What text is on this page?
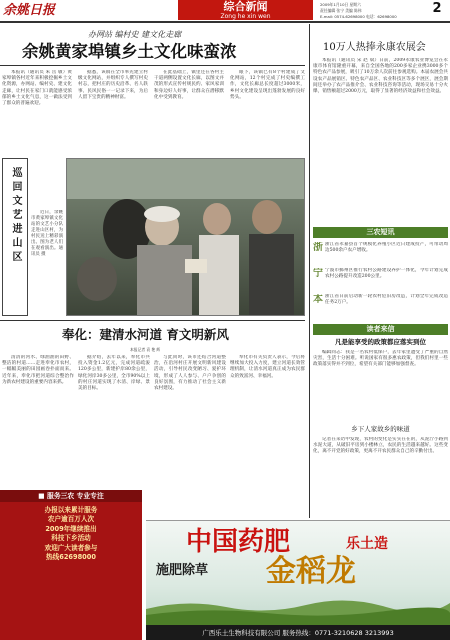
余姚日报	2009年1月10日 星期六
责任编辑 张宁 美编 陈伟
E-mail: 0574-62698000 电话：62698000
综合新闻
Zong he xin wen
2
办网站 编村史 建文化走廊
余姚黄家埠镇乡土文化味蛮浓

本报讯（通讯员 朱 岳 敏）黄家埠镇各村近年来积极挖掘乡土文化资源，办网站、编村史、建文化走廊，让村民在家门口就能感受浓郁的乡土文化气息，这一做法受到了群众的普遍欢迎。

据悉，该镇在全市率先建立村级文化网站，并组织专人撰写村史村志，把村庄的历史沿革、名人轶事、民风民俗一一记录下来，为后人留下宝贵的精神财富。

在此基础上，镇里还在各村主干道两侧设置文化长廊，以图文并茂的形式宣传村规民约、家风家训和身边好人好事，让群众在潜移默化中受到教育。

眼下，该镇已有8个村建成了文化网站，12个村完成了村史编撰工作，文化长廊总长度超过3000米，乡村文化建设呈现出蓬勃发展的良好势头。

巡回文艺进山区	近日，余姚市黄家埠镇文化站的文艺小分队走进山区村，为村民送上精彩演出。图为老人们在观看演出。通讯员 摄

奉化：建清水河道 育文明新风
本报记者 袁 艳 辉

清清的河水、绿油油的田野、整洁的村道……走进奉化市农村，一幅幅美丽的田园画卷扑面而来。近年来，奉化市把河道综合整治作为新农村建设的重要内容来抓。

据介绍，去年以来，奉化市共投入资金1.2亿元，完成河道疏浚120多公里，新建护岸80余公里，绿化河岸30多公里，全市90%以上的村庄河道实现了水清、岸绿、景美的目标。

与此同时，该市还结合河道整治，在沿河村庄开展文明新风建设活动，引导村民改变陋习、爱护环境，形成了人人参与、户户争创的良好氛围，有力推动了社会主义新农村建设。

奉化市有关负责人表示，今后将继续加大投入力度，建立河道长效管理机制，让清水河道真正成为农民群众的致富河、幸福河。

10万人热捧永康农展会

本报讯（通讯员 宋 赵 斌）日前，2009永康农业博览会在永康市体育馆隆重开幕，来自全国各地的200多家企业携3000多个特色农产品参展，吸引了10万余人次前往参观选购。本届农展会共设农产品展销区、特色农产品区、农业科技区等多个展区，展会期间还举办了农产品推介会、农业科技咨询等活动，现场交易十分火爆，销售额超过2000万元，取得了显著的经济效益和社会效益。

三农短讯
浙浙江省永嘉县首个规模化养殖小区近日建成投产，可带动周边500余户农户增收。
宁宁波市鄞州区推行农村公路建设养护一体化，今年计划完成农村公路提升改造200公里。
本浙江省日前启动新一轮农村危旧房改造，计划全年完成改造任务2万户。
读者来信
凡是能享受的政策都应落实到位

编辑同志：我是一名农村低保户，去年家里遭受了严重的自然灾害，生活十分困难。听说国家有很多惠农政策，但我们村里一些政策落实得并不到位，希望有关部门能够加强督查。

乡下人家故乡的味道

记者在采访中发现，农村的变化是实实在在的，从泥泞小路到水泥大道，从破旧平房到小楼林立，农民的生活越来越好。这些变化，离不开党的好政策，更离不开农民群众自己的辛勤付出。

■ 服务三农 专业专注
办报以来累计服务
农户逾百万人次
2009年继续推出
科技下乡活动
欢迎广大读者参与
热线62698000
中国药肥	乐土造
施肥除草 金稻龙
广西乐土生物科技有限公司 服务热线：0771-3210628 3213993
